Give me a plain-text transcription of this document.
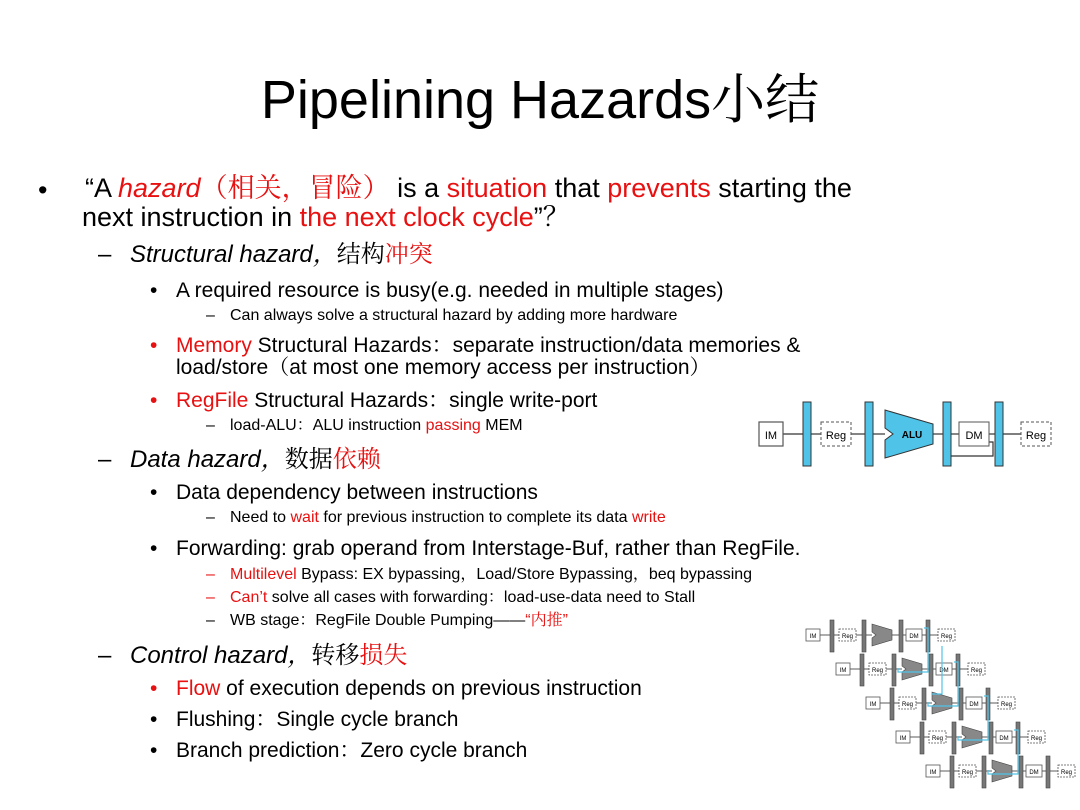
Pipelining Hazards小结
• “A hazard（相关，冒险） is a situation that prevents starting the
next instruction in the next clock cycle”？
– Structural hazard，结构冲突
• A required resource is busy(e.g. needed in multiple stages)
– Can always solve a structural hazard by adding more hardware
• Memory Structural Hazards：separate instruction/data memories &
load/store（at most one memory access per instruction）
• RegFile Structural Hazards：single write-port
– load-ALU：ALU instruction passing MEM
– Data hazard，数据依赖
• Data dependency between instructions
– Need to wait for previous instruction to complete its data write
• Forwarding: grab operand from Interstage-Buf, rather than RegFile.
– Multilevel Bypass: EX bypassing，Load/Store Bypassing，beq bypassing
– Can’t solve all cases with forwarding：load-use-data need to Stall
– WB stage：RegFile Double Pumping——“内推”
– Control hazard，转移损失
• Flow of execution depends on previous instruction
• Flushing：Single cycle branch
• Branch prediction：Zero cycle branch
IM	Reg	ALU	DM	Reg
